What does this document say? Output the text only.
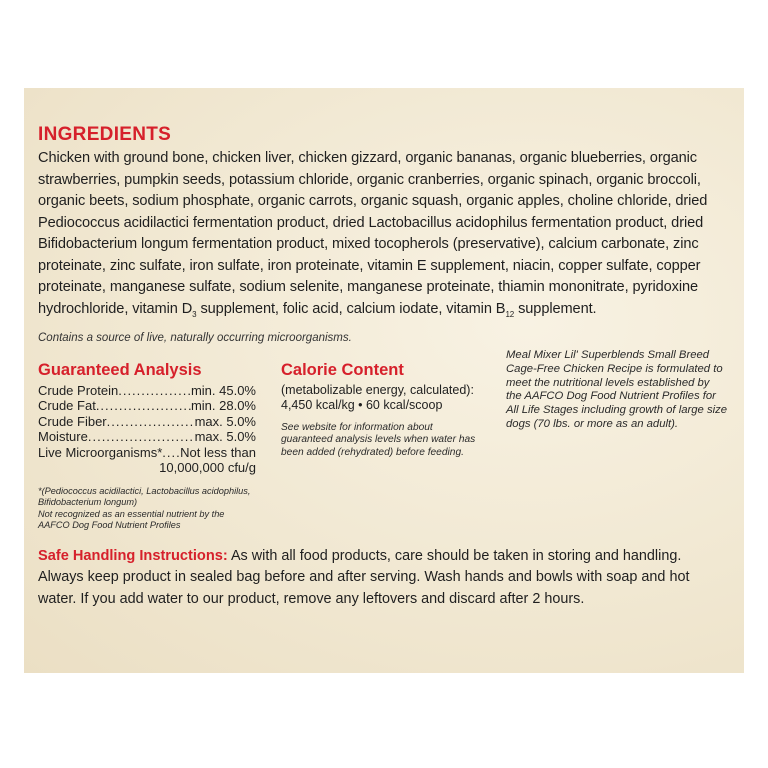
INGREDIENTS

Chicken with ground bone, chicken liver, chicken gizzard, organic bananas, organic blueberries, organic strawberries, pumpkin seeds, potassium chloride, organic cranberries, organic spinach, organic broccoli, organic beets, sodium phosphate, organic carrots, organic squash, organic apples, choline chloride, dried Pediococcus acidilactici fermentation product, dried Lactobacillus acidophilus fermentation product, dried Bifidobacterium longum fermentation product, mixed tocopherols (preservative), calcium carbonate, zinc proteinate, zinc sulfate, iron sulfate, iron proteinate, vitamin E supplement, niacin, copper sulfate, copper proteinate, manganese sulfate, sodium selenite, manganese proteinate, thiamin mononitrate, pyridoxine hydrochloride, vitamin $D_3$ supplement, folic acid, calcium iodate, vitamin $B_{12}$ supplement.

Contains a source of live, naturally occurring microorganisms.

Guaranteed Analysis
Crude Protein .....	min. 45.0%
Crude Fat .....	min. 28.0%
Crude Fiber .....	max. 5.0%
Moisture .....	max. 5.0%
Live Microorganisms* ..... Not less than
10,000,000 cfu/g

*(Pediococcus acidilactici, Lactobacillus acidophilus, Bifidobacterium longum)

Not recognized as an essential nutrient by the AAFCO Dog Food Nutrient Profiles

Calorie Content

(metabolizable energy, calculated):

4,450 kcal/kg • 60 kcal/scoop

See website for information about guaranteed analysis levels when water has been added (rehydrated) before feeding.

Meal Mixer Lil' Superblends Small Breed Cage-Free Chicken Recipe is formulated to meet the nutritional levels established by the AAFCO Dog Food Nutrient Profiles for All Life Stages including growth of large size dogs (70 lbs. or more as an adult).

Safe Handling Instructions: As with all food products, care should be taken in storing and handling. Always keep product in sealed bag before and after serving. Wash hands and bowls with soap and hot water. If you add water to our product, remove any leftovers and discard after 2 hours.
